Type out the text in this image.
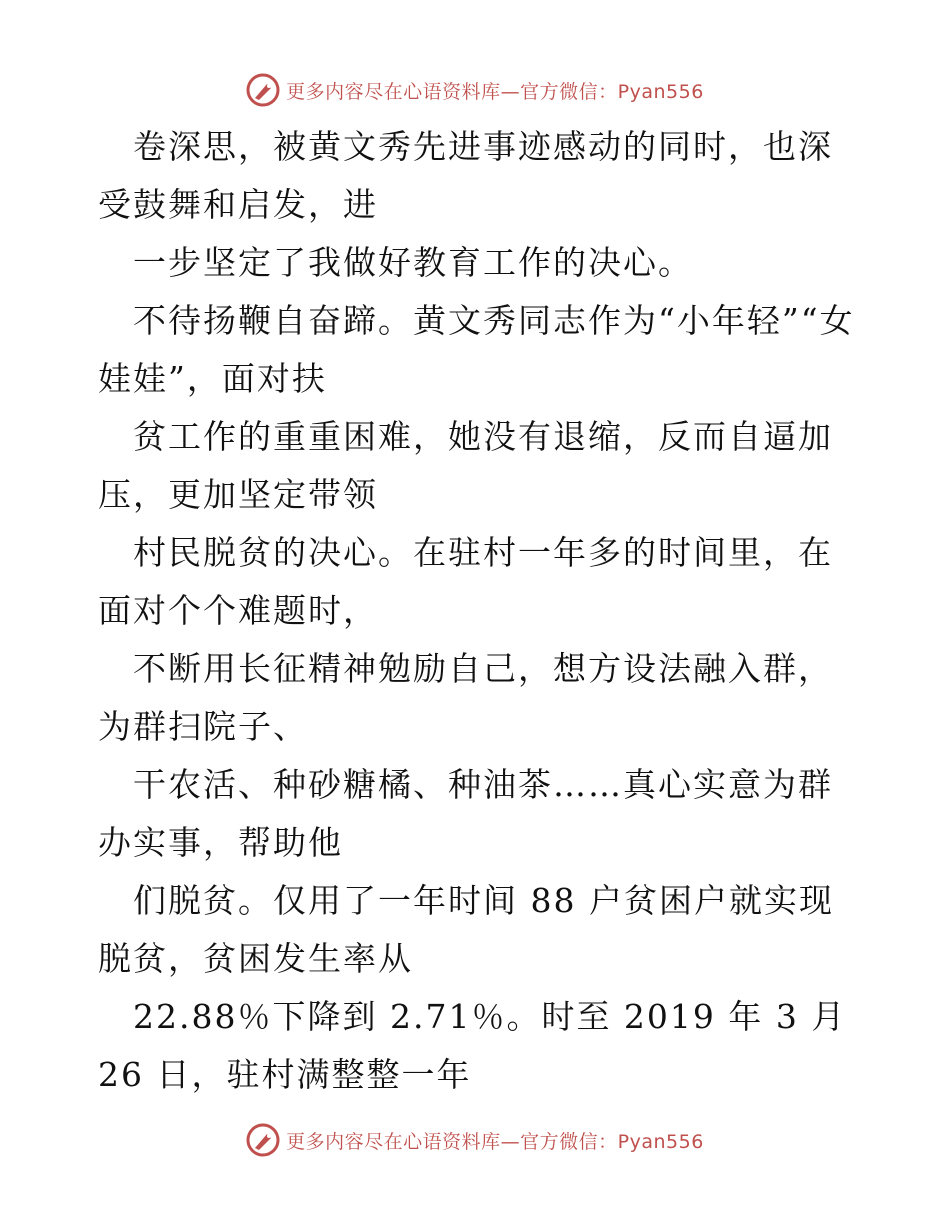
更多内容尽在心语资料库—官方微信：Pyan556

　卷深思，被黄文秀先进事迹感动的同时，也深受鼓舞和启发，进

　一步坚定了我做好教育工作的决心。

　不待扬鞭自奋蹄。黄文秀同志作为“小年轻”“女娃娃”，面对扶

　贫工作的重重困难，她没有退缩，反而自逼加压，更加坚定带领

　村民脱贫的决心。在驻村一年多的时间里，在面对个个难题时，

　不断用长征精神勉励自己，想方设法融入群，为群扫院子、

　干农活、种砂糖橘、种油茶……真心实意为群办实事，帮助他

　们脱贫。仅用了一年时间 88 户贫困户就实现脱贫，贫困发生率从

　22.88％下降到 2.71％。时至 2019 年 3 月 26 日，驻村满整整一年

更多内容尽在心语资料库—官方微信：Pyan556
